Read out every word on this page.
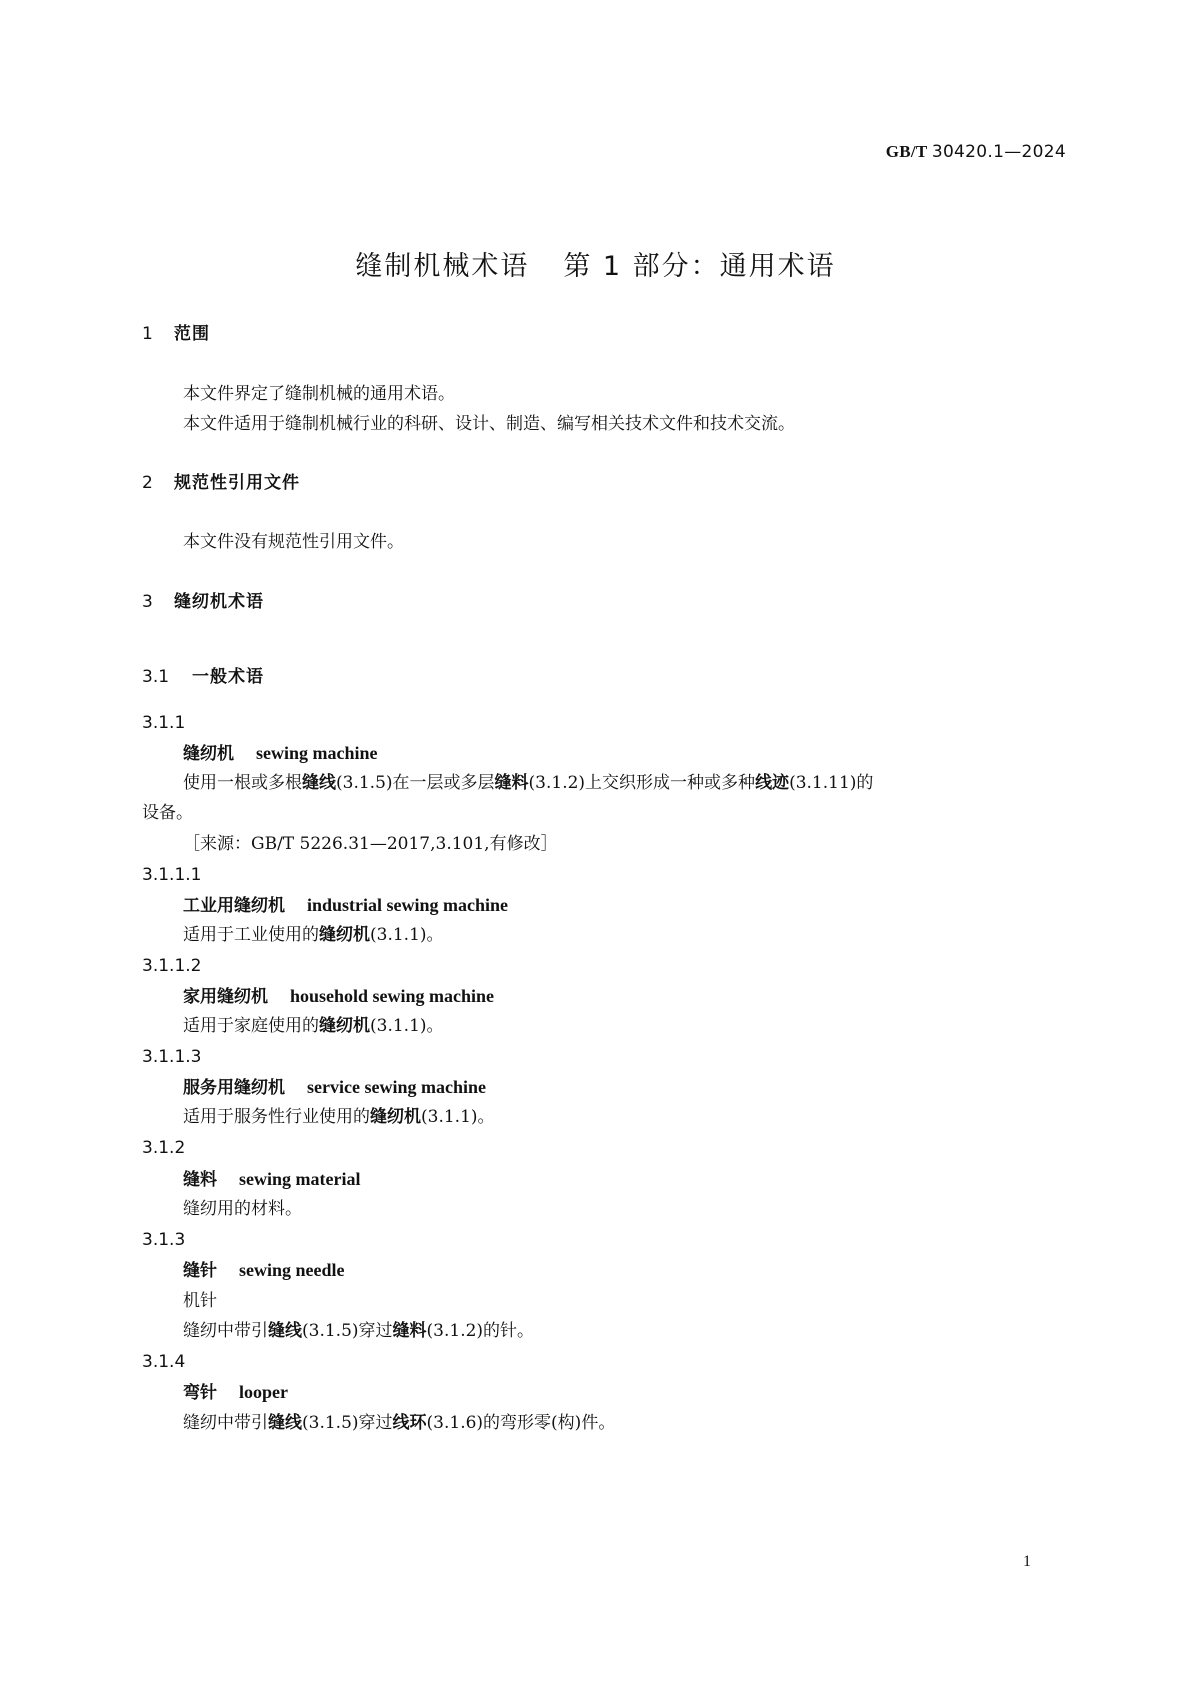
GB/T 30420.1—2024
缝制机械术语 第 1 部分：通用术语
1 范围
本文件界定了缝制机械的通用术语。
本文件适用于缝制机械行业的科研、设计、制造、编写相关技术文件和技术交流。
2 规范性引用文件
本文件没有规范性引用文件。
3 缝纫机术语
3.1 一般术语
3.1.1
缝纫机 sewing machine
使用一根或多根缝线(3.1.5)在一层或多层缝料(3.1.2)上交织形成一种或多种线迹(3.1.11)的
设备。
［来源：GB/T 5226.31—2017,3.101,有修改］
3.1.1.1
工业用缝纫机 industrial sewing machine
适用于工业使用的缝纫机(3.1.1)。
3.1.1.2
家用缝纫机 household sewing machine
适用于家庭使用的缝纫机(3.1.1)。
3.1.1.3
服务用缝纫机 service sewing machine
适用于服务性行业使用的缝纫机(3.1.1)。
3.1.2
缝料 sewing material
缝纫用的材料。
3.1.3
缝针 sewing needle
机针
缝纫中带引缝线(3.1.5)穿过缝料(3.1.2)的针。
3.1.4
弯针 looper
缝纫中带引缝线(3.1.5)穿过线环(3.1.6)的弯形零(构)件。
1
